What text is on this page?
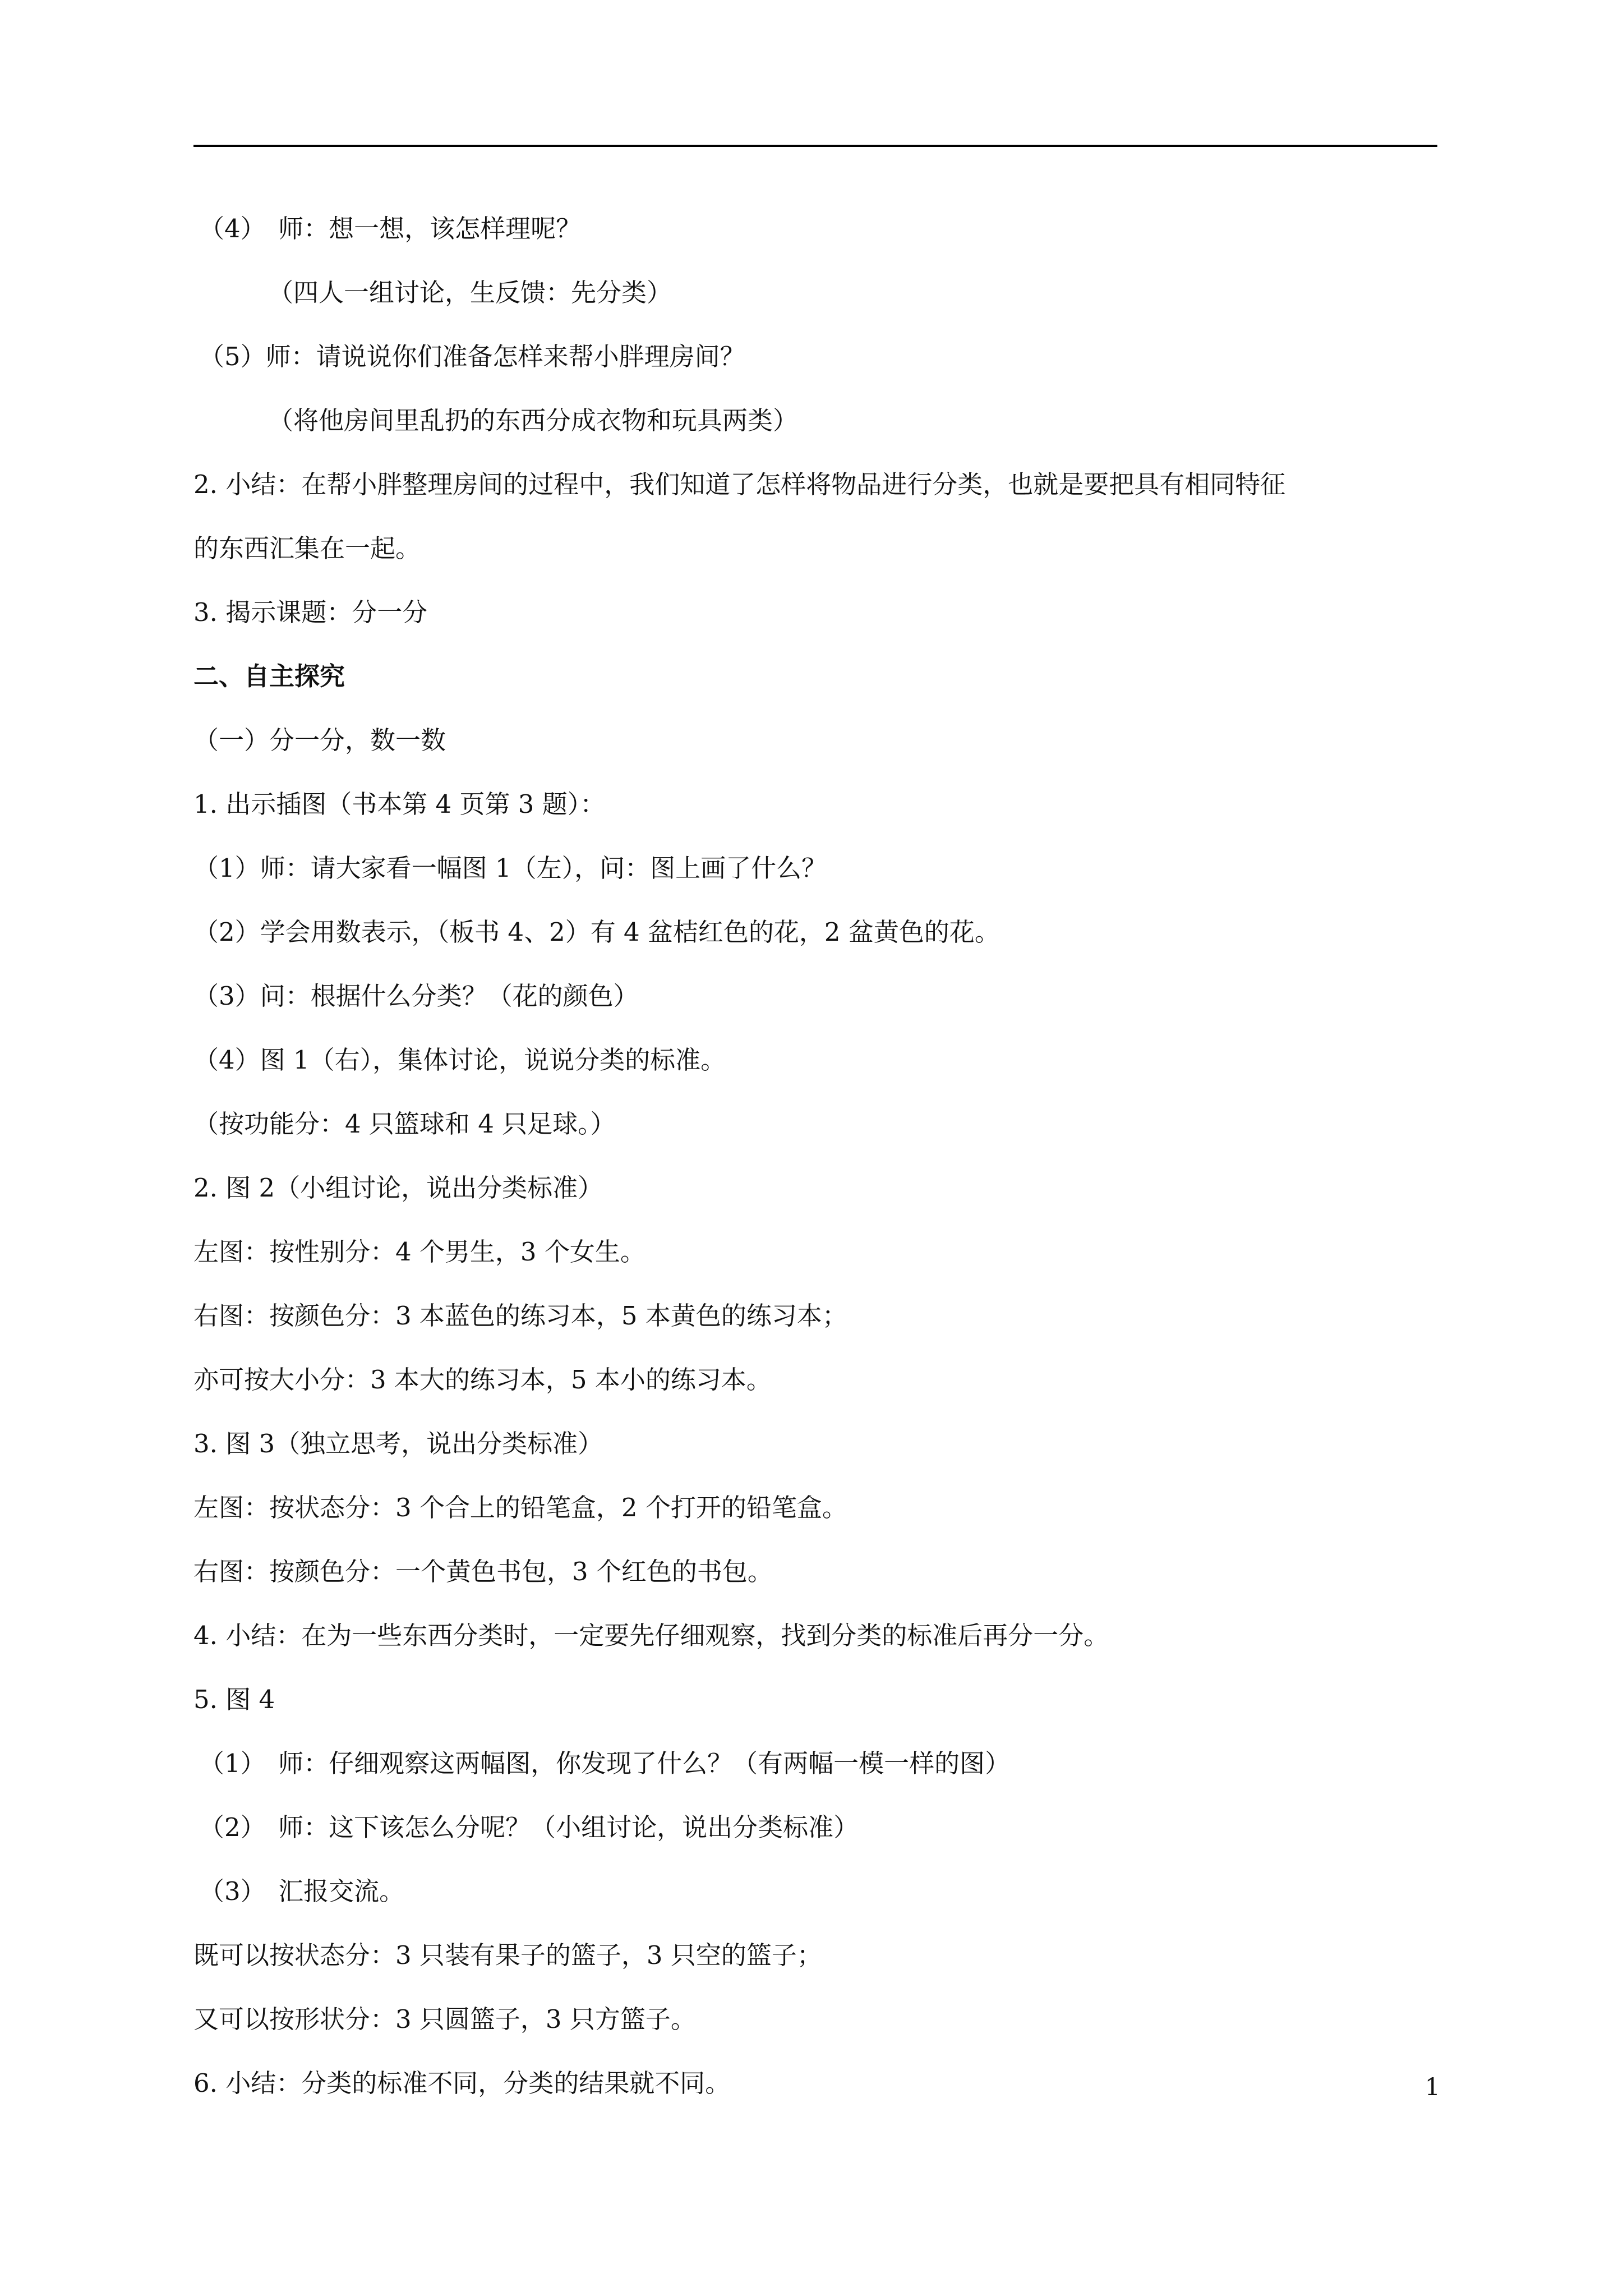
（4）　师：想一想，该怎样理呢？
（四人一组讨论，生反馈：先分类）
（5）师：请说说你们准备怎样来帮小胖理房间？
（将他房间里乱扔的东西分成衣物和玩具两类）
2. 小结：在帮小胖整理房间的过程中，我们知道了怎样将物品进行分类，也就是要把具有相同特征
的东西汇集在一起。
3. 揭示课题：分一分
二、自主探究
（一）分一分，数一数
1. 出示插图（书本第 4 页第 3 题）：
（1）师：请大家看一幅图 1（左），问：图上画了什么？
（2）学会用数表示，（板书 4、2）有 4 盆桔红色的花，2 盆黄色的花。
（3）问：根据什么分类？（花的颜色）
（4）图 1（右），集体讨论，说说分类的标准。
（按功能分：4 只篮球和 4 只足球。）
2. 图 2（小组讨论，说出分类标准）
左图：按性别分：4 个男生，3 个女生。
右图：按颜色分：3 本蓝色的练习本，5 本黄色的练习本；
亦可按大小分：3 本大的练习本，5 本小的练习本。
3. 图 3（独立思考，说出分类标准）
左图：按状态分：3 个合上的铅笔盒，2 个打开的铅笔盒。
右图：按颜色分：一个黄色书包，3 个红色的书包。
4. 小结：在为一些东西分类时，一定要先仔细观察，找到分类的标准后再分一分。
5. 图 4
（1）　师：仔细观察这两幅图，你发现了什么？（有两幅一模一样的图）
（2）　师：这下该怎么分呢？（小组讨论，说出分类标准）
（3）　汇报交流。
既可以按状态分：3 只装有果子的篮子，3 只空的篮子；
又可以按形状分：3 只圆篮子，3 只方篮子。
6. 小结：分类的标准不同，分类的结果就不同。	1
